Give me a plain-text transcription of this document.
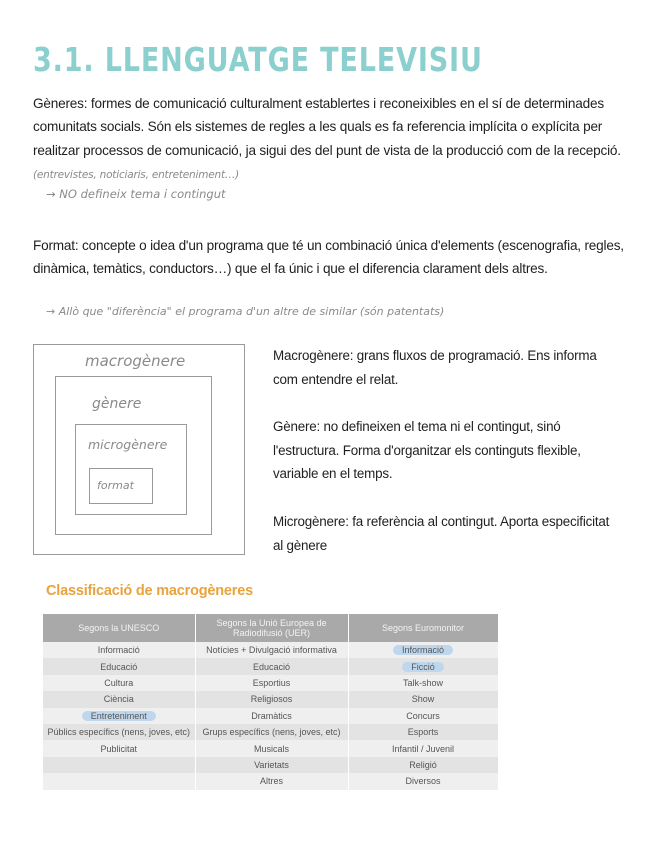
3.1. LLENGUATGE TELEVISIU

Gèneres: formes de comunicació culturalment establertes i reconeixibles en el sí de determinades comunitats socials. Són els sistemes de regles a les quals es fa referencia implícita o explícita per realitzar processos de comunicació, ja sigui des del punt de vista de la producció com de la recepció. (entrevistes, noticiaris, entreteniment…)

→ NO defineix tema i contingut

Format: concepte o idea d'un programa que té un combinació única d'elements (escenografia, regles, dinàmica, temàtics, conductors…) que el fa únic i que el diferencia clarament dels altres.

→ Allò que "diferència" el programa d'un altre de similar (són patentats)
macrogènere
gènere
microgènere
format

Macrogènere: grans fluxos de programació. Ens informa com entendre el relat.

Gènere: no defineixen el tema ni el contingut, sinó l'estructura. Forma d'organitzar els continguts flexible, variable en el temps.

Microgènere: fa referència al contingut. Aporta especificitat al gènere

Classificació de macrogèneres
Segons la UNESCO	Segons la Unió Europea de Radiodifusió (UER)	Segons Euromonitor
Informació	Notícies + Divulgació informativa	Informació
Educació	Educació	Ficció
Cultura	Esportius	Talk-show
Ciència	Religiosos	Show
Entreteniment	Dramàtics	Concurs
Públics específics (nens, joves, etc)	Grups específics (nens, joves, etc)	Esports
Publicitat	Musicals	Infantil / Juvenil
	Varietats	Religió
	Altres	Diversos
